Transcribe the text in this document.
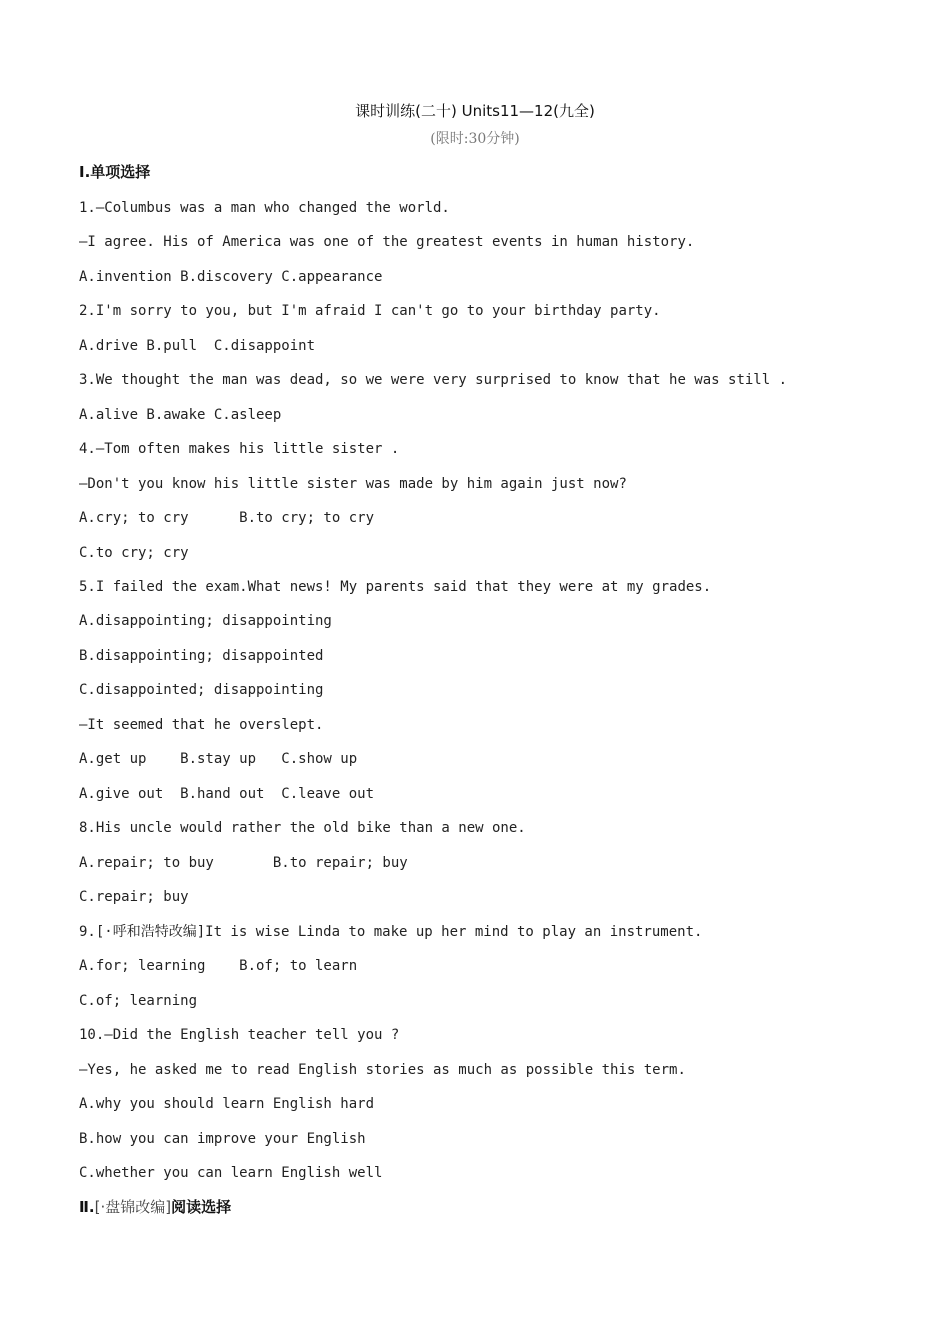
课时训练(二十) Units11—12(九全)
(限时:30分钟)
Ⅰ.单项选择
1.—Columbus was a man who changed the world.
—I agree. His of America was one of the greatest events in human history.
A.invention B.discovery C.appearance
2.I'm sorry to you, but I'm afraid I can't go to your birthday party.
A.drive B.pull  C.disappoint
3.We thought the man was dead, so we were very surprised to know that he was still .
A.alive B.awake C.asleep
4.—Tom often makes his little sister .
—Don't you know his little sister was made by him again just now?
A.cry; to cry      B.to cry; to cry
C.to cry; cry
5.I failed the exam.What news! My parents said that they were at my grades.
A.disappointing; disappointing
B.disappointing; disappointed
C.disappointed; disappointing
—It seemed that he overslept.
A.get up    B.stay up   C.show up
A.give out  B.hand out  C.leave out
8.His uncle would rather the old bike than a new one.
A.repair; to buy       B.to repair; buy
C.repair; buy
9.[·呼和浩特改编]It is wise Linda to make up her mind to play an instrument.
A.for; learning    B.of; to learn
C.of; learning
10.—Did the English teacher tell you ?
—Yes, he asked me to read English stories as much as possible this term.
A.why you should learn English hard
B.how you can improve your English
C.whether you can learn English well
Ⅱ.[·盘锦改编]阅读选择
